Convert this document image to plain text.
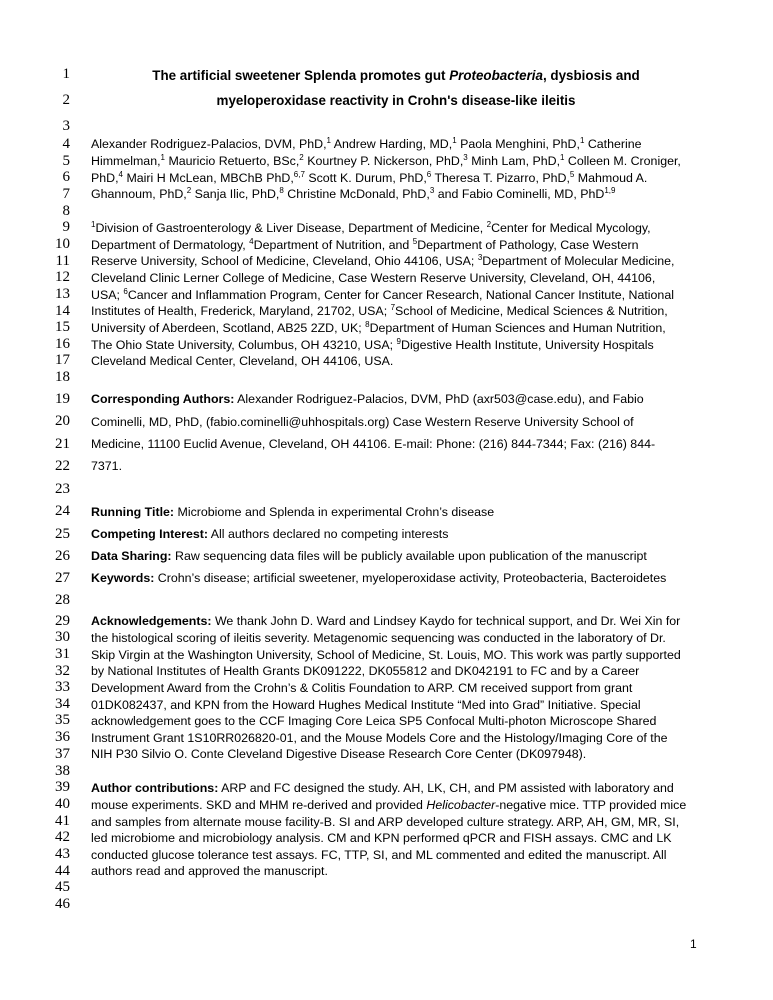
1
2
3
4
5
6
7
8
9
10
11
12
13
14
15
16
17
18
19
20
21
22
23
24
25
26
27
28
29
30
31
32
33
34
35
36
37
38
39
40
41
42
43
44
45
46
The artificial sweetener Splenda promotes gut Proteobacteria, dysbiosis and
myeloperoxidase reactivity in Crohn's disease-like ileitis
Alexander Rodriguez-Palacios, DVM, PhD,$^1$ Andrew Harding, MD,$^1$ Paola Menghini, PhD,$^1$ Catherine
Himmelman,$^1$ Mauricio Retuerto, BSc,$^2$ Kourtney P. Nickerson, PhD,$^3$ Minh Lam, PhD,$^1$ Colleen M. Croniger,
PhD,$^4$ Mairi H McLean, MBChB PhD,$^{6,7}$ Scott K. Durum, PhD,$^6$ Theresa T. Pizarro, PhD,$^5$ Mahmoud A.
Ghannoum, PhD,$^2$ Sanja Ilic, PhD,$^8$ Christine McDonald, PhD,$^3$ and Fabio Cominelli, MD, PhD$^{1,9}$
$^1$Division of Gastroenterology & Liver Disease, Department of Medicine, $^2$Center for Medical Mycology,
Department of Dermatology, $^4$Department of Nutrition, and $^5$Department of Pathology, Case Western
Reserve University, School of Medicine, Cleveland, Ohio 44106, USA; $^3$Department of Molecular Medicine,
Cleveland Clinic Lerner College of Medicine, Case Western Reserve University, Cleveland, OH, 44106,
USA; $^6$Cancer and Inflammation Program, Center for Cancer Research, National Cancer Institute, National
Institutes of Health, Frederick, Maryland, 21702, USA; $^7$School of Medicine, Medical Sciences & Nutrition,
University of Aberdeen, Scotland, AB25 2ZD, UK; $^8$Department of Human Sciences and Human Nutrition,
The Ohio State University, Columbus, OH 43210, USA; $^9$Digestive Health Institute, University Hospitals
Cleveland Medical Center, Cleveland, OH 44106, USA.
Corresponding Authors: Alexander Rodriguez-Palacios, DVM, PhD (axr503@case.edu), and Fabio
Cominelli, MD, PhD, (fabio.cominelli@uhhospitals.org) Case Western Reserve University School of
Medicine, 11100 Euclid Avenue, Cleveland, OH 44106. E-mail: Phone: (216) 844-7344; Fax: (216) 844-
7371.
Running Title: Microbiome and Splenda in experimental Crohn’s disease
Competing Interest: All authors declared no competing interests
Data Sharing: Raw sequencing data files will be publicly available upon publication of the manuscript
Keywords: Crohn’s disease; artificial sweetener, myeloperoxidase activity, Proteobacteria, Bacteroidetes
Acknowledgements: We thank John D. Ward and Lindsey Kaydo for technical support, and Dr. Wei Xin for
the histological scoring of ileitis severity. Metagenomic sequencing was conducted in the laboratory of Dr.
Skip Virgin at the Washington University, School of Medicine, St. Louis, MO. This work was partly supported
by National Institutes of Health Grants DK091222, DK055812 and DK042191 to FC and by a Career
Development Award from the Crohn’s & Colitis Foundation to ARP. CM received support from grant
01DK082437, and KPN from the Howard Hughes Medical Institute “Med into Grad” Initiative. Special
acknowledgement goes to the CCF Imaging Core Leica SP5 Confocal Multi-photon Microscope Shared
Instrument Grant 1S10RR026820-01, and the Mouse Models Core and the Histology/Imaging Core of the
NIH P30 Silvio O. Conte Cleveland Digestive Disease Research Core Center (DK097948).
Author contributions: ARP and FC designed the study. AH, LK, CH, and PM assisted with laboratory and
mouse experiments. SKD and MHM re-derived and provided Helicobacter-negative mice. TTP provided mice
and samples from alternate mouse facility-B. SI and ARP developed culture strategy. ARP, AH, GM, MR, SI,
led microbiome and microbiology analysis. CM and KPN performed qPCR and FISH assays. CMC and LK
conducted glucose tolerance test assays. FC, TTP, SI, and ML commented and edited the manuscript. All
authors read and approved the manuscript.
1
